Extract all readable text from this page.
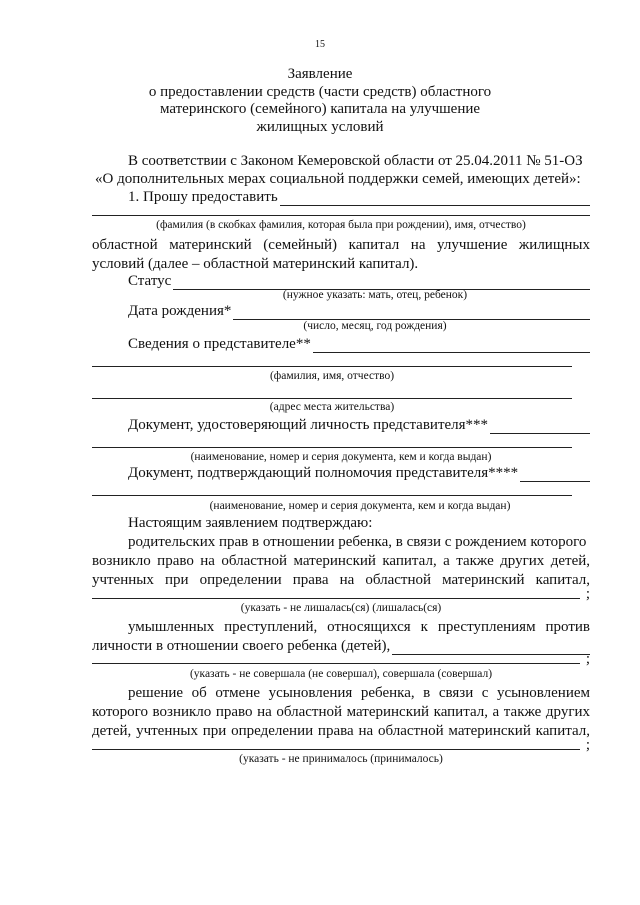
15
Заявление
о предоставлении средств (части средств) областного
материнского (семейного) капитала на улучшение
жилищных условий
В соответствии с Законом Кемеровской области от 25.04.2011 № 51-ОЗ
«О дополнительных мерах социальной поддержки семей, имеющих детей»:
1. Прошу предоставить
(фамилия (в скобках фамилия, которая была при рождении), имя, отчество)
областной материнский (семейный) капитал на улучшение жилищных
условий (далее – областной материнский капитал).
Статус
(нужное указать: мать, отец, ребенок)
Дата рождения*
(число, месяц, год рождения)
Сведения о представителе**
(фамилия, имя, отчество)
(адрес места жительства)
Документ, удостоверяющий личность представителя***
(наименование, номер и серия документа, кем и когда выдан)
Документ, подтверждающий полномочия представителя****
(наименование, номер и серия документа, кем и когда выдан)
Настоящим заявлением подтверждаю:
родительских прав в отношении ребенка, в связи с рождением которого
возникло право на областной материнский капитал, а также других детей,
учтенных при определении права на областной материнский капитал,
;
(указать - не лишалась(ся) (лишалась(ся)
умышленных преступлений, относящихся к преступлениям против
личности в отношении своего ребенка (детей),
;
(указать - не совершала (не совершал), совершала (совершал)
решение об отмене усыновления ребенка, в связи с усыновлением
которого возникло право на областной материнский капитал, а также других
детей, учтенных при определении права на областной материнский капитал,
;
(указать - не принималось (принималось)
